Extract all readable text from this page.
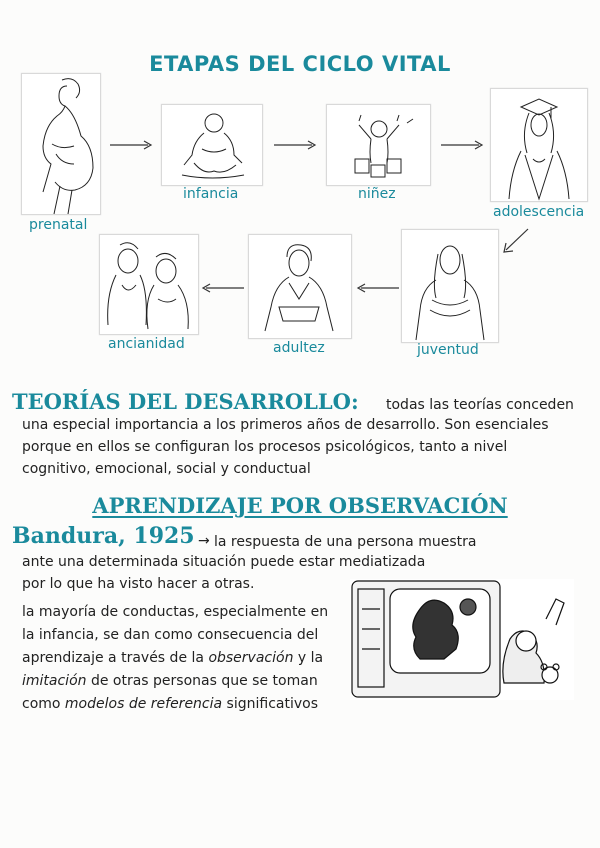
ETAPAS DEL CICLO VITAL
prenatal
infancia	niñez
adolescencia
ancianidad	adultez	juventud
TEORÍAS DEL DESARROLLO: todas las teorías conceden
una especial importancia a los primeros años de desarrollo. Son esenciales
porque en ellos se configuran los procesos psicológicos, tanto a nivel
cognitivo, emocional, social y conductual
APRENDIZAJE POR OBSERVACIÓN
Bandura, 1925 → la respuesta de una persona muestra
ante una determinada situación puede estar mediatizada
por lo que ha visto hacer a otras.
la mayoría de conductas, especialmente en
la infancia, se dan como consecuencia del
aprendizaje a través de la observación y la
imitación de otras personas que se toman
como modelos de referencia significativos
